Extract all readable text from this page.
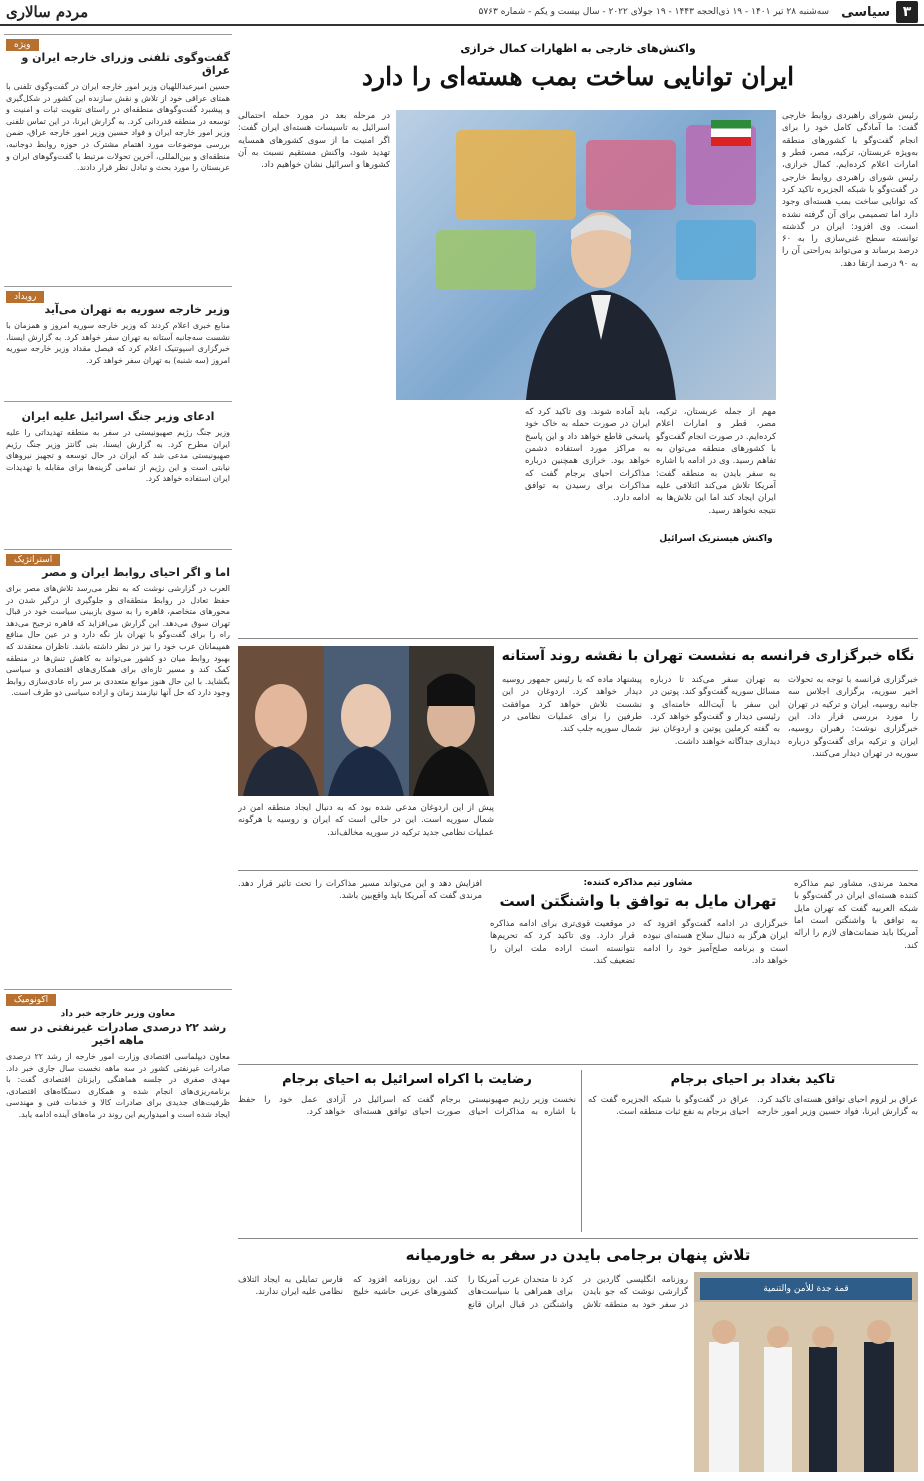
۳
سیاسی
سه‌شنبه ۲۸ تیر ۱۴۰۱ - ۱۹ ذی‌الحجه ۱۴۴۳ - ۱۹ جولای ۲۰۲۲ - سال بیست و یکم - شماره ۵۷۶۳
مردم سالاری
ویژه
گفت‌وگوی تلفنی وزرای خارجه ایران و عراق
حسین امیرعبداللهیان وزیر امور خارجه ایران در گفت‌وگوی تلفنی با همتای عراقی خود از تلاش و نقش سازنده این کشور در شکل‌گیری و پیشبرد گفت‌وگوهای منطقه‌ای در راستای تقویت ثبات و امنیت و توسعه در منطقه قدردانی کرد. به گزارش ایرنا، در این تماس تلفنی وزیر امور خارجه ایران و فواد حسین وزیر امور خارجه عراق، ضمن بررسی موضوعات مورد اهتمام مشترک در حوزه روابط دوجانبه، منطقه‌ای و بین‌المللی، آخرین تحولات مرتبط با گفت‌وگوهای ایران و عربستان را مورد بحث و تبادل نظر قرار دادند.
رویداد
وزیر خارجه سوریه به تهران می‌آید
منابع خبری اعلام کردند که وزیر خارجه سوریه امروز و همزمان با نشست سه‌جانبه آستانه به تهران سفر خواهد کرد. به گزارش ایسنا، خبرگزاری اسپوتنیک اعلام کرد که فیصل مقداد وزیر خارجه سوریه امروز (سه شنبه) به تهران سفر خواهد کرد.
ادعای وزیر جنگ اسرائیل علیه ایران
وزیر جنگ رژیم صهیونیستی در سفر به منطقه تهدیداتی را علیه ایران مطرح کرد. به گزارش ایسنا، بنی گانتز وزیر جنگ رژیم صهیونیستی مدعی شد که ایران در حال توسعه و تجهیز نیروهای نیابتی است و این رژیم از تمامی گزینه‌ها برای مقابله با تهدیدات ایران استفاده خواهد کرد.
استراتژیک
اما و اگر احیای روابط ایران و مصر
العرب در گزارشی نوشت که به نظر می‌رسد تلاش‌های مصر برای حفظ تعادل در روابط منطقه‌ای و جلوگیری از درگیر شدن در محورهای متخاصم، قاهره را به سوی بازبینی سیاست خود در قبال تهران سوق می‌دهد. این گزارش می‌افزاید که قاهره ترجیح می‌دهد راه را برای گفت‌وگو با تهران باز نگه دارد و در عین حال منافع همپیمانان عرب خود را نیز در نظر داشته باشد. ناظران معتقدند که بهبود روابط میان دو کشور می‌تواند به کاهش تنش‌ها در منطقه کمک کند و مسیر تازه‌ای برای همکاری‌های اقتصادی و سیاسی بگشاید. با این حال هنوز موانع متعددی بر سر راه عادی‌سازی روابط وجود دارد که حل آنها نیازمند زمان و اراده سیاسی دو طرف است.
اکونومیک
معاون وزیر خارجه خبر داد
رشد ۲۲ درصدی صادرات غیرنفتی در سه ماهه اخیر
معاون دیپلماسی اقتصادی وزارت امور خارجه از رشد ۲۲ درصدی صادرات غیرنفتی کشور در سه ماهه نخست سال جاری خبر داد. مهدی صفری در جلسه هماهنگی رایزنان اقتصادی گفت: با برنامه‌ریزی‌های انجام شده و همکاری دستگاه‌های اقتصادی، ظرفیت‌های جدیدی برای صادرات کالا و خدمات فنی و مهندسی ایجاد شده است و امیدواریم این روند در ماه‌های آینده ادامه یابد.
واکنش‌های خارجی به اظهارات کمال خرازی
ایران توانایی ساخت بمب هسته‌ای را دارد
رئیس شورای راهبردی روابط خارجی گفت: ما آمادگی کامل خود را برای انجام گفت‌وگو با کشورهای منطقه به‌ویژه عربستان، ترکیه، مصر، قطر و امارات اعلام کرده‌ایم. کمال خرازی، رئیس شورای راهبردی روابط خارجی در گفت‌وگو با شبکه الجزیره تاکید کرد که توانایی ساخت بمب هسته‌ای وجود دارد اما تصمیمی برای آن گرفته نشده است. وی افزود: ایران در گذشته توانسته سطح غنی‌سازی را به ۶۰ درصد برساند و می‌تواند به‌راحتی آن را به ۹۰ درصد ارتقا دهد.
مهم از جمله عربستان، ترکیه، مصر، قطر و امارات اعلام کرده‌ایم. در صورت انجام گفت‌وگو با کشورهای منطقه می‌توان به تفاهم رسید. وی در ادامه با اشاره به سفر بایدن به منطقه گفت: آمریکا تلاش می‌کند ائتلافی علیه ایران ایجاد کند اما این تلاش‌ها به نتیجه نخواهد رسید.
باید آماده شوند. وی تاکید کرد که ایران در صورت حمله به خاک خود پاسخی قاطع خواهد داد و این پاسخ به مراکز مورد استفاده دشمن خواهد بود. خرازی همچنین درباره مذاکرات احیای برجام گفت که مذاکرات برای رسیدن به توافق ادامه دارد.
در مرحله بعد در مورد حمله احتمالی اسرائیل به تاسیسات هسته‌ای ایران گفت: اگر امنیت ما از سوی کشورهای همسایه تهدید شود، واکنش مستقیم نسبت به آن کشورها و اسرائیل نشان خواهیم داد.
واکنش هیستریک اسرائیل
نگاه خبرگزاری فرانسه به نشست تهران با نقشه روند آستانه
خبرگزاری فرانسه با توجه به تحولات اخیر سوریه، برگزاری اجلاس سه جانبه روسیه، ایران و ترکیه در تهران را مورد بررسی قرار داد. این خبرگزاری نوشت: رهبران روسیه، ایران و ترکیه برای گفت‌وگو درباره سوریه در تهران دیدار می‌کنند.
به تهران سفر می‌کند تا درباره مسائل سوریه گفت‌وگو کند. پوتین در این سفر با آیت‌الله خامنه‌ای و رئیسی دیدار و گفت‌وگو خواهد کرد. به گفته کرملین پوتین و اردوغان نیز دیداری جداگانه خواهند داشت.
پیشنهاد ماده که با رئیس جمهور روسیه دیدار خواهد کرد. اردوغان در این نشست تلاش خواهد کرد موافقت طرفین را برای عملیات نظامی در شمال سوریه جلب کند.
پیش از این اردوغان مدعی شده بود که به دنبال ایجاد منطقه امن در شمال سوریه است. این در حالی است که ایران و روسیه با هرگونه عملیات نظامی جدید ترکیه در سوریه مخالف‌اند.
مشاور تیم مذاکره کننده:
تهران مایل به توافق با واشنگتن است
محمد مرندی، مشاور تیم مذاکره کننده هسته‌ای ایران در گفت‌وگو با شبکه العربیه گفت که تهران مایل به توافق با واشنگتن است اما آمریکا باید ضمانت‌های لازم را ارائه کند.
خبرگزاری در ادامه گفت‌وگو افزود که ایران هرگز به دنبال سلاح هسته‌ای نبوده است و برنامه صلح‌آمیز خود را ادامه خواهد داد.
در موقعیت قوی‌تری برای ادامه مذاکره قرار دارد. وی تاکید کرد که تحریم‌ها نتوانسته است اراده ملت ایران را تضعیف کند.
افزایش دهد و این می‌تواند مسیر مذاکرات را تحت تاثیر قرار دهد. مرندی گفت که آمریکا باید واقع‌بین باشد.
تاکید بغداد بر احیای برجام
عراق بر لزوم احیای توافق هسته‌ای تاکید کرد. به گزارش ایرنا، فواد حسین وزیر امور خارجه عراق در گفت‌وگو با شبکه الجزیره گفت که احیای برجام به نفع ثبات منطقه است.
رضایت با اکراه اسرائیل به احیای برجام
نخست وزیر رژیم صهیونیستی با اشاره به مذاکرات احیای برجام گفت که اسرائیل در صورت احیای توافق هسته‌ای آزادی عمل خود را حفظ خواهد کرد.
تلاش پنهان برجامی بایدن در سفر به خاورمیانه
روزنامه انگلیسی گاردین در گزارشی نوشت که جو بایدن در سفر خود به منطقه تلاش کرد تا متحدان عرب آمریکا را برای همراهی با سیاست‌های واشنگتن در قبال ایران قانع کند. این روزنامه افزود که کشورهای عربی حاشیه خلیج فارس تمایلی به ایجاد ائتلاف نظامی علیه ایران ندارند.	قمة جدة للأمن والتنمية
